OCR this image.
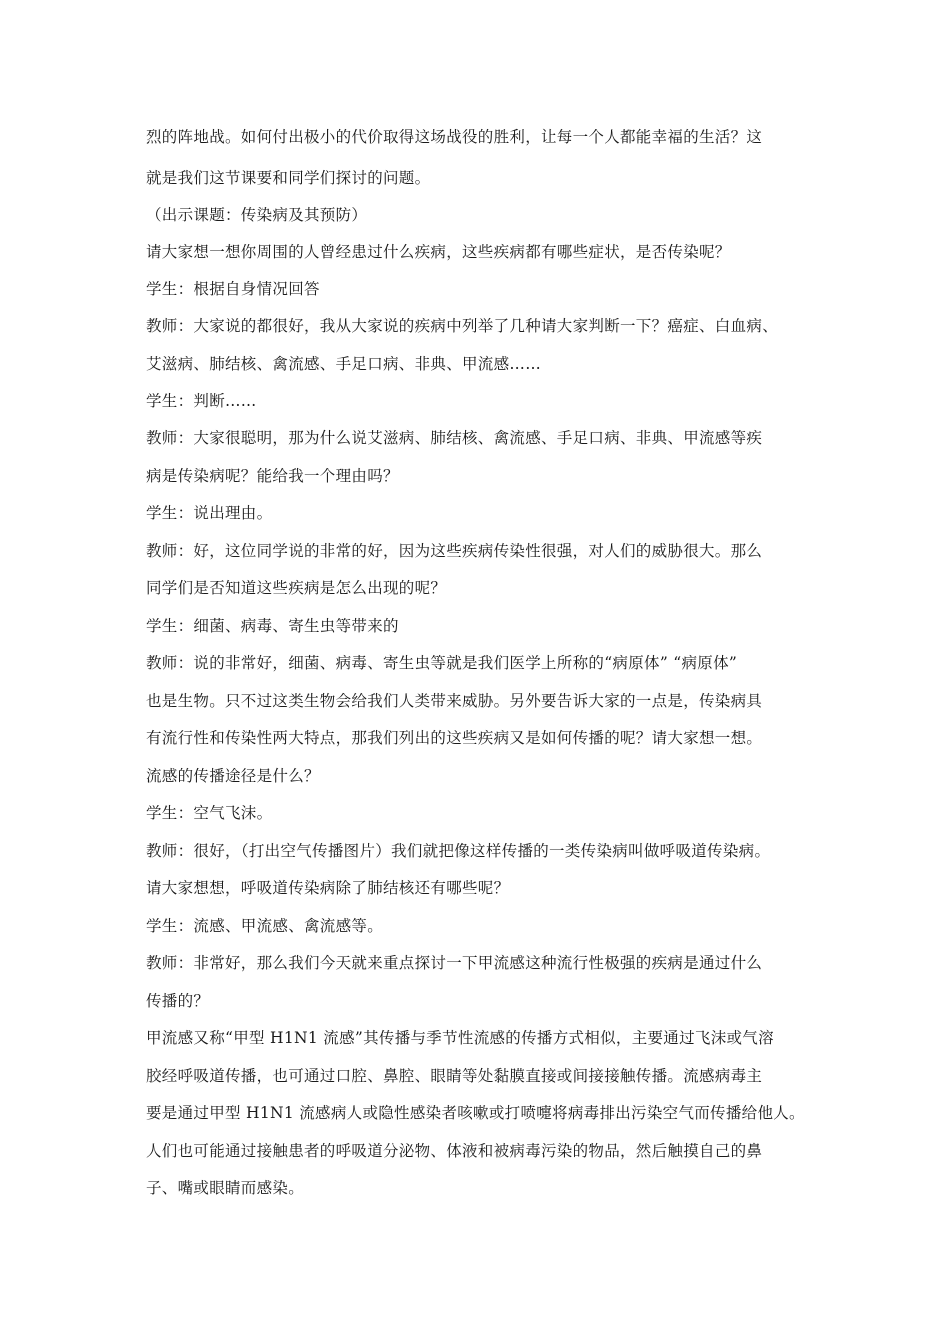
烈的阵地战。如何付出极小的代价取得这场战役的胜利，让每一个人都能幸福的生活？这

就是我们这节课要和同学们探讨的问题。

（出示课题：传染病及其预防）

请大家想一想你周围的人曾经患过什么疾病，这些疾病都有哪些症状，是否传染呢？

学生：根据自身情况回答

教师：大家说的都很好，我从大家说的疾病中列举了几种请大家判断一下？癌症、白血病、

艾滋病、肺结核、禽流感、手足口病、非典、甲流感……

学生：判断……

教师：大家很聪明，那为什么说艾滋病、肺结核、禽流感、手足口病、非典、甲流感等疾

病是传染病呢？能给我一个理由吗？

学生：说出理由。

教师：好，这位同学说的非常的好，因为这些疾病传染性很强，对人们的威胁很大。那么

同学们是否知道这些疾病是怎么出现的呢？

学生：细菌、病毒、寄生虫等带来的

教师：说的非常好，细菌、病毒、寄生虫等就是我们医学上所称的“病原体” “病原体”

也是生物。只不过这类生物会给我们人类带来威胁。另外要告诉大家的一点是，传染病具

有流行性和传染性两大特点，那我们列出的这些疾病又是如何传播的呢？请大家想一想。

流感的传播途径是什么？

学生：空气飞沫。

教师：很好，（打出空气传播图片）我们就把像这样传播的一类传染病叫做呼吸道传染病。

请大家想想，呼吸道传染病除了肺结核还有哪些呢？

学生：流感、甲流感、禽流感等。

教师：非常好，那么我们今天就来重点探讨一下甲流感这种流行性极强的疾病是通过什么

传播的？

甲流感又称“甲型 H1N1 流感”其传播与季节性流感的传播方式相似，主要通过飞沫或气溶

胶经呼吸道传播，也可通过口腔、鼻腔、眼睛等处黏膜直接或间接接触传播。流感病毒主

要是通过甲型 H1N1 流感病人或隐性感染者咳嗽或打喷嚏将病毒排出污染空气而传播给他人。

人们也可能通过接触患者的呼吸道分泌物、体液和被病毒污染的物品，然后触摸自己的鼻

子、嘴或眼睛而感染。
